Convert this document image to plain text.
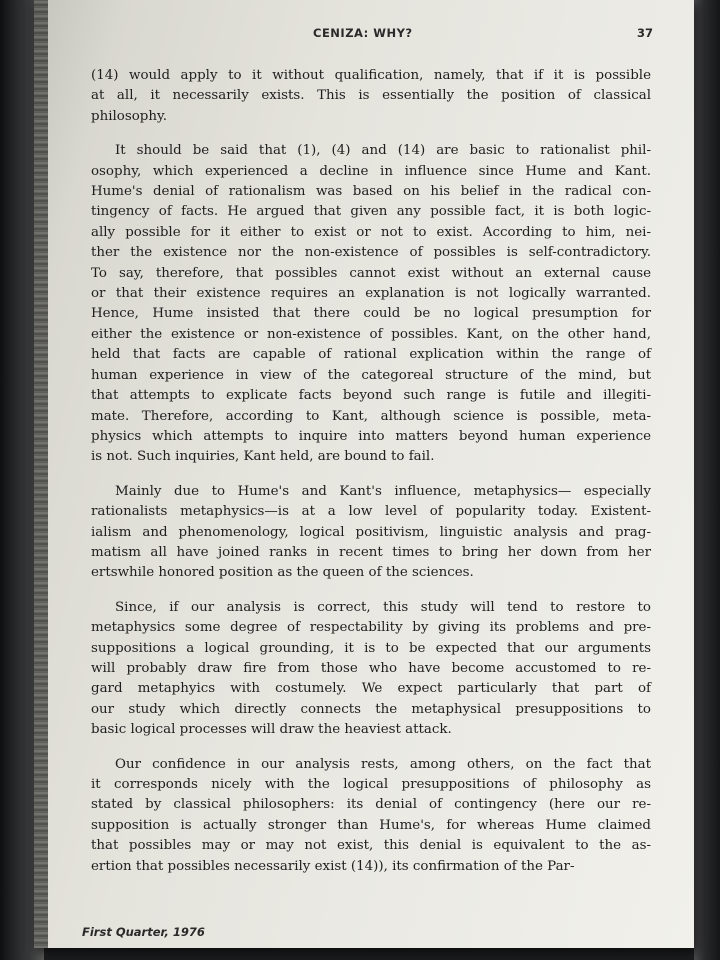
CENIZA: WHY?	37
(14) would apply to it without qualification, namely, that if it is possible
at all, it necessarily exists. This is essentially the position of classical
philosophy.
It should be said that (1), (4) and (14) are basic to rationalist phil-
osophy, which experienced a decline in influence since Hume and Kant.
Hume's denial of rationalism was based on his belief in the radical con-
tingency of facts. He argued that given any possible fact, it is both logic-
ally possible for it either to exist or not to exist. According to him, nei-
ther the existence nor the non-existence of possibles is self-contradictory.
To say, therefore, that possibles cannot exist without an external cause
or that their existence requires an explanation is not logically warranted.
Hence, Hume insisted that there could be no logical presumption for
either the existence or non-existence of possibles. Kant, on the other hand,
held that facts are capable of rational explication within the range of
human experience in view of the categoreal structure of the mind, but
that attempts to explicate facts beyond such range is futile and illegiti-
mate. Therefore, according to Kant, although science is possible, meta-
physics which attempts to inquire into matters beyond human experience
is not. Such inquiries, Kant held, are bound to fail.
Mainly due to Hume's and Kant's influence, metaphysics— especially
rationalists metaphysics—is at a low level of popularity today. Existent-
ialism and phenomenology, logical positivism, linguistic analysis and prag-
matism all have joined ranks in recent times to bring her down from her
ertswhile honored position as the queen of the sciences.
Since, if our analysis is correct, this study will tend to restore to
metaphysics some degree of respectability by giving its problems and pre-
suppositions a logical grounding, it is to be expected that our arguments
will probably draw fire from those who have become accustomed to re-
gard metaphyics with costumely. We expect particularly that part of
our study which directly connects the metaphysical presuppositions to
basic logical processes will draw the heaviest attack.
Our confidence in our analysis rests, among others, on the fact that
it corresponds nicely with the logical presuppositions of philosophy as
stated by classical philosophers: its denial of contingency (here our re-
supposition is actually stronger than Hume's, for whereas Hume claimed
that possibles may or may not exist, this denial is equivalent to the as-
ertion that possibles necessarily exist (14)), its confirmation of the Par-
First Quarter, 1976
